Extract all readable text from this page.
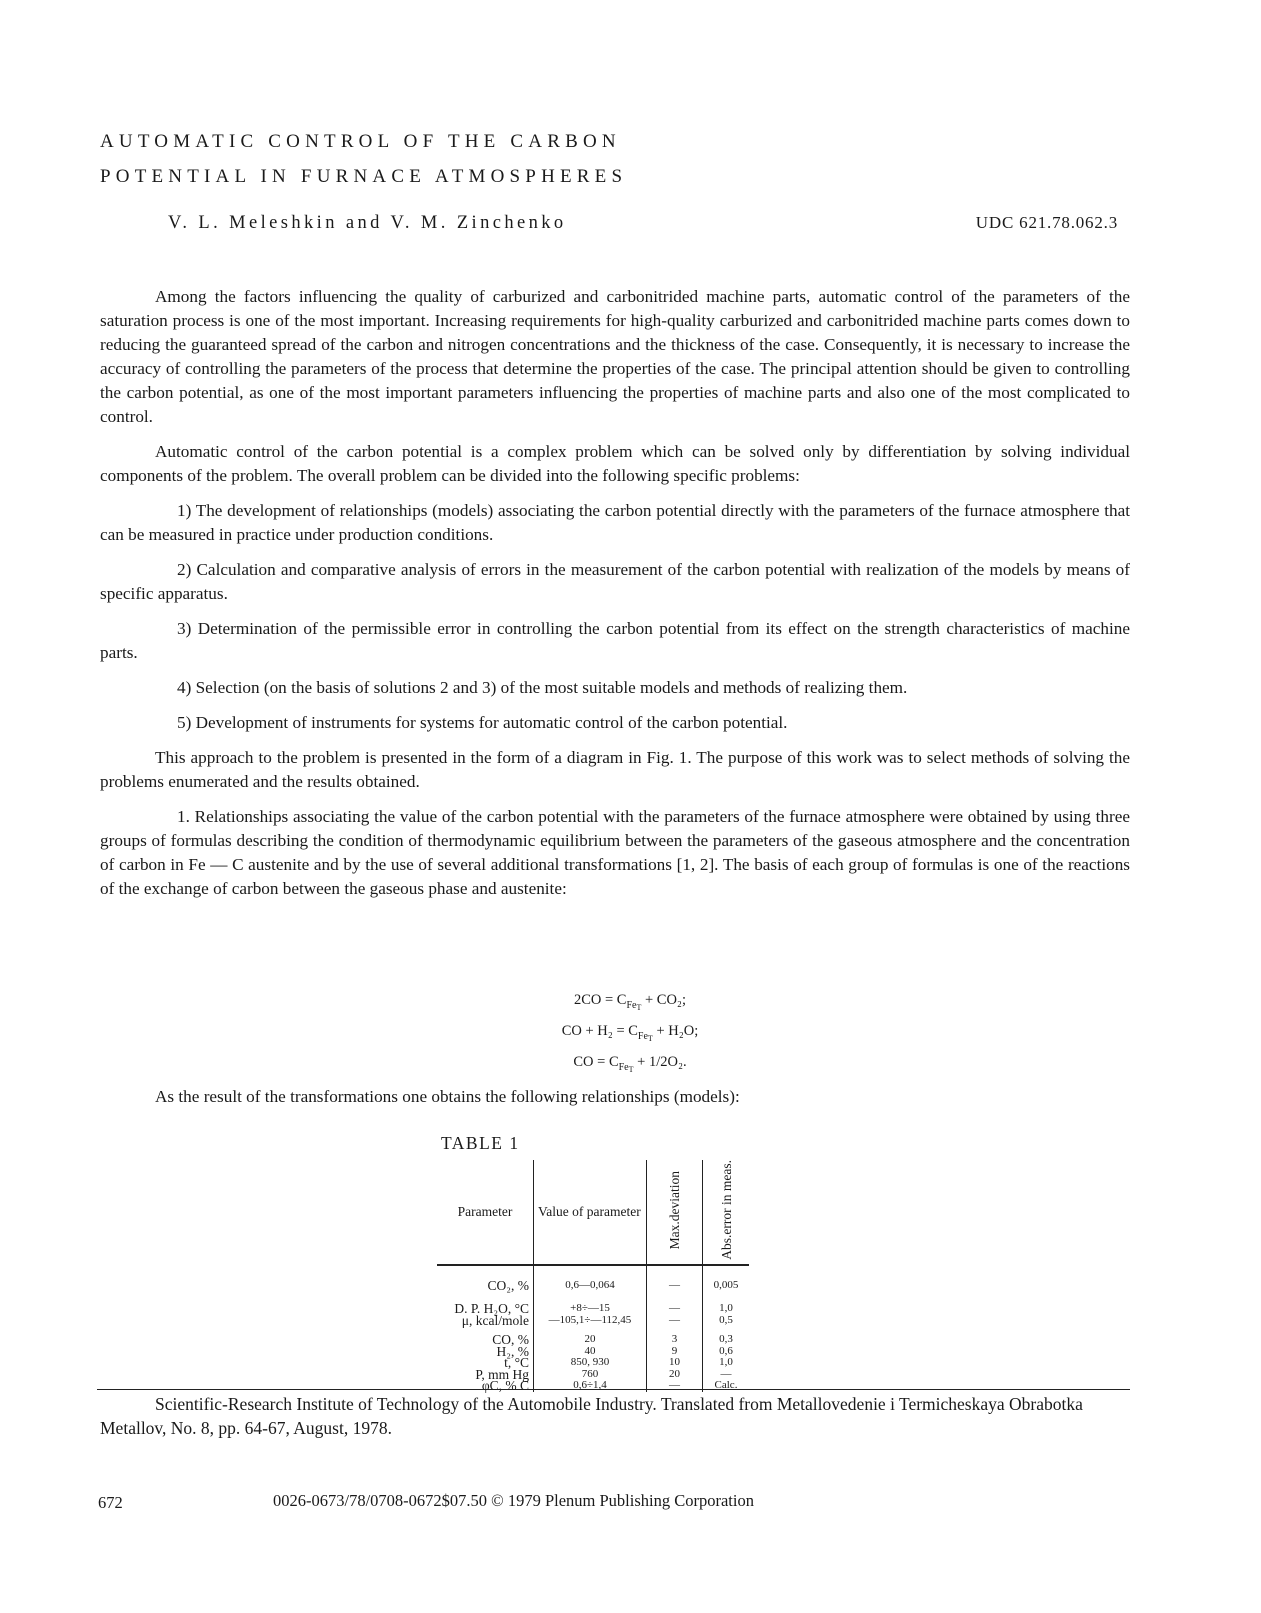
AUTOMATIC CONTROL OF THE CARBON
POTENTIAL IN FURNACE ATMOSPHERES
V. L. Meleshkin and V. M. Zinchenko	UDC 621.78.062.3

Among the factors influencing the quality of carburized and carbonitrided machine parts, automatic control of the parameters of the saturation process is one of the most important. Increasing requirements for high-quality carburized and carbonitrided machine parts comes down to reducing the guaranteed spread of the carbon and nitrogen concentrations and the thickness of the case. Consequently, it is necessary to increase the accuracy of controlling the parameters of the process that determine the properties of the case. The principal attention should be given to controlling the carbon potential, as one of the most important parameters influencing the properties of machine parts and also one of the most complicated to control.

Automatic control of the carbon potential is a complex problem which can be solved only by differentiation by solving individual components of the problem. The overall problem can be divided into the following specific problems:

1) The development of relationships (models) associating the carbon potential directly with the parameters of the furnace atmosphere that can be measured in practice under production conditions.

2) Calculation and comparative analysis of errors in the measurement of the carbon potential with realization of the models by means of specific apparatus.

3) Determination of the permissible error in controlling the carbon potential from its effect on the strength characteristics of machine parts.

4) Selection (on the basis of solutions 2 and 3) of the most suitable models and methods of realizing them.

5) Development of instruments for systems for automatic control of the carbon potential.

This approach to the problem is presented in the form of a diagram in Fig. 1. The purpose of this work was to select methods of solving the problems enumerated and the results obtained.

1. Relationships associating the value of the carbon potential with the parameters of the furnace atmosphere were obtained by using three groups of formulas describing the condition of thermodynamic equilibrium between the parameters of the gaseous atmosphere and the concentration of carbon in Fe — C austenite and by the use of several additional transformations [1, 2]. The basis of each group of formulas is one of the reactions of the exchange of carbon between the gaseous phase and austenite:

$2CO = C_{FeT} + CO_2$;
CO + $H_2 = C_{FeT} + H_2O$;
CO = $C_{FeT} + 1/2O_2$.

As the result of the transformations one obtains the following relationships (models):

TABLE 1
Parameter	Value of parameter	Max.deviation	Abs.error in meas.
CO₂, %	0,6—0,064	—	0,005
D. P. H₂O, °C	+8÷—15	—	1,0
μ, kcal/mole	—105,1÷—112,45	—	0,5
CO, %	20	3	0,3
H₂, %	40	9	0,6
t, °C	850, 930	10	1,0
P, mm Hg	760	20	—
φC, % C	0,6÷1,4	—	Calc.

Scientific-Research Institute of Technology of the Automobile Industry. Translated from Metallovedenie i Termicheskaya Obrabotka Metallov, No. 8, pp. 64-67, August, 1978.

672	0026-0673/78/0708-0672$07.50 © 1979 Plenum Publishing Corporation
